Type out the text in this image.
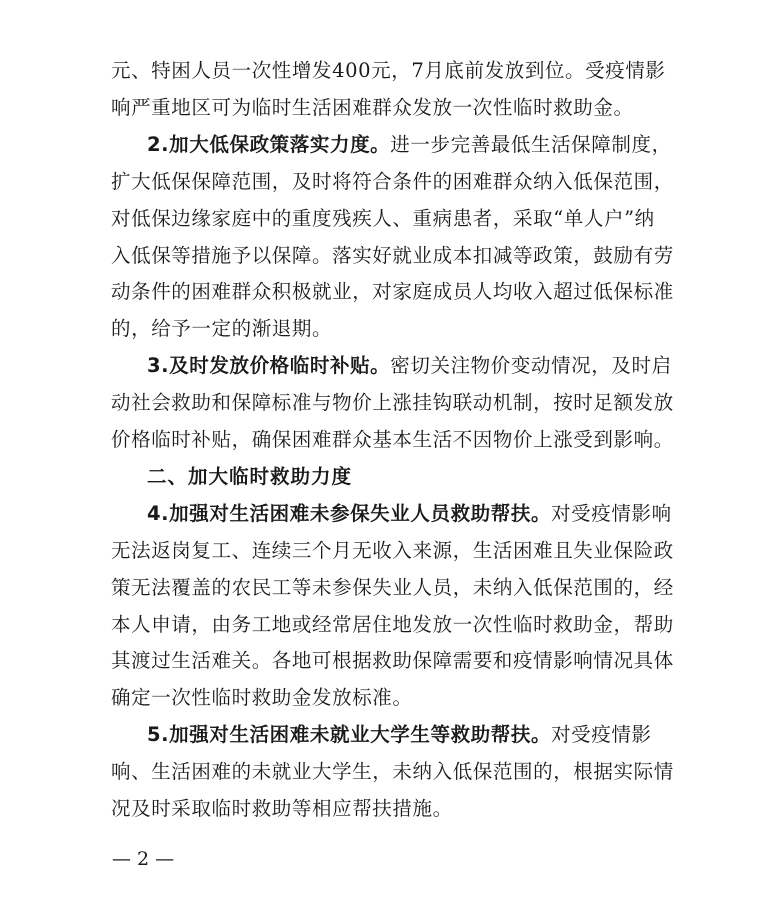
元、特困人员一次性增发400元，7月底前发放到位。受疫情影
响严重地区可为临时生活困难群众发放一次性临时救助金。
2.加大低保政策落实力度。进一步完善最低生活保障制度，
扩大低保保障范围，及时将符合条件的困难群众纳入低保范围，
对低保边缘家庭中的重度残疾人、重病患者，采取“单人户”纳
入低保等措施予以保障。落实好就业成本扣减等政策，鼓励有劳
动条件的困难群众积极就业，对家庭成员人均收入超过低保标准
的，给予一定的渐退期。
3.及时发放价格临时补贴。密切关注物价变动情况，及时启
动社会救助和保障标准与物价上涨挂钩联动机制，按时足额发放
价格临时补贴，确保困难群众基本生活不因物价上涨受到影响。
二、加大临时救助力度
4.加强对生活困难未参保失业人员救助帮扶。对受疫情影响
无法返岗复工、连续三个月无收入来源，生活困难且失业保险政
策无法覆盖的农民工等未参保失业人员，未纳入低保范围的，经
本人申请，由务工地或经常居住地发放一次性临时救助金，帮助
其渡过生活难关。各地可根据救助保障需要和疫情影响情况具体
确定一次性临时救助金发放标准。
5.加强对生活困难未就业大学生等救助帮扶。对受疫情影
响、生活困难的未就业大学生，未纳入低保范围的，根据实际情
况及时采取临时救助等相应帮扶措施。
— 2 —
